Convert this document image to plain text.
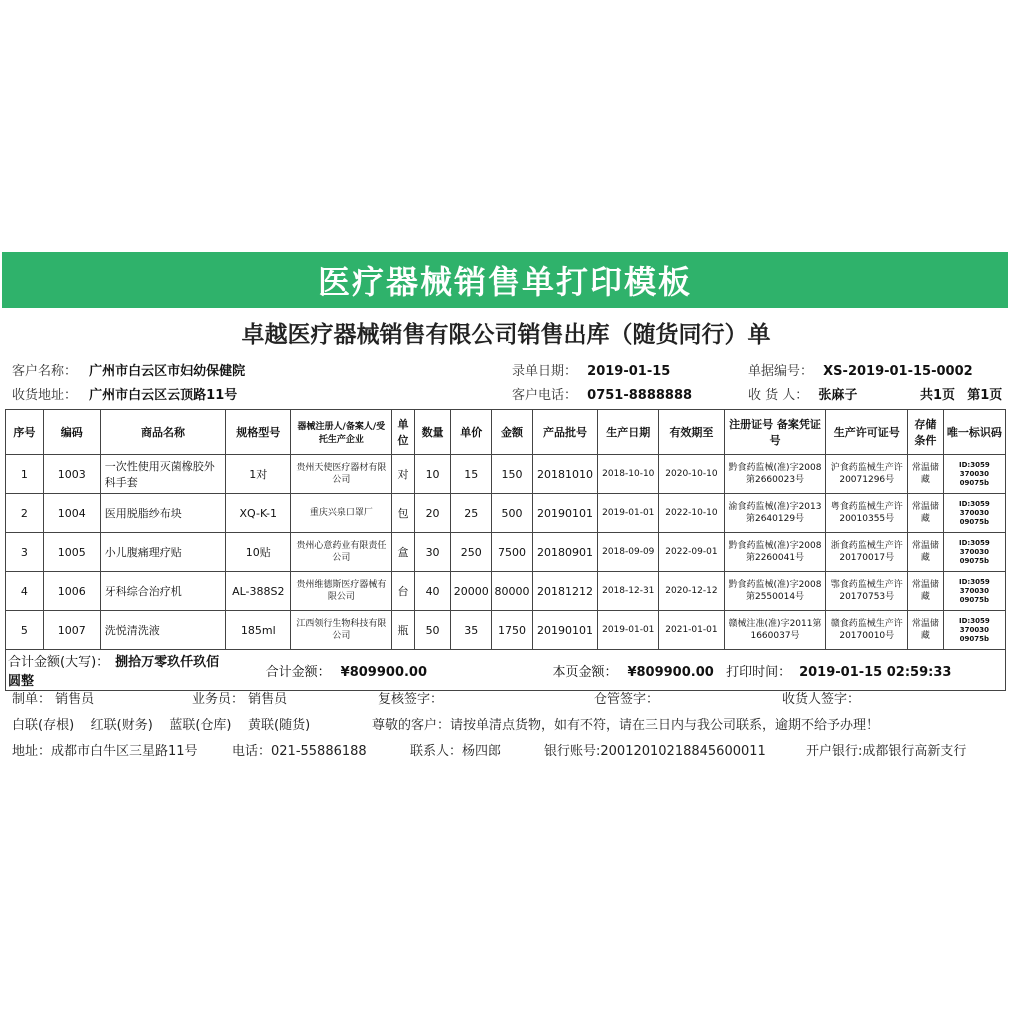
医疗器械销售单打印模板
卓越医疗器械销售有限公司销售出库（随货同行）单
客户名称： 广州市白云区市妇幼保健院	录单日期： 2019-01-15	单据编号： XS-2019-01-15-0002
收货地址： 广州市白云区云顶路11号	客户电话： 0751-8888888	收 货 人： 张麻子	共1页 第1页
序号	编码	商品名称	规格型号	器械注册人/备案人/受托生产企业	单位	数量	单价	金额	产品批号	生产日期	有效期至	注册证号 备案凭证号	生产许可证号	存储条件	唯一标识码
1	1003	一次性使用灭菌橡胶外科手套	1对	贵州天使医疗器材有限公司	对	10	15	150	20181010	2018-10-10	2020-10-10	黔食药监械(准)字2008第2660023号	沪食药监械生产许20071296号	常温储藏	ID:3059 370030 09075b
2	1004	医用脱脂纱布块	XQ-K-1	重庆兴泉口罩厂	包	20	25	500	20190101	2019-01-01	2022-10-10	渝食药监械(准)字2013第2640129号	粤食药监械生产许20010355号	常温储藏	ID:3059 370030 09075b
3	1005	小儿腹痛理疗贴	10贴	贵州心意药业有限责任公司	盒	30	250	7500	20180901	2018-09-09	2022-09-01	黔食药监械(准)字2008第2260041号	浙食药监械生产许20170017号	常温储藏	ID:3059 370030 09075b
4	1006	牙科综合治疗机	AL-388S2	贵州维德斯医疗器械有限公司	台	40	20000	80000	20181212	2018-12-31	2020-12-12	黔食药监械(准)字2008第2550014号	鄂食药监械生产许20170753号	常温储藏	ID:3059 370030 09075b
5	1007	洗悦清洗液	185ml	江西领行生物科技有限公司	瓶	50	35	1750	20190101	2019-01-01	2021-01-01	赣械注准(准)字2011第1660037号	赣食药监械生产许20170010号	常温储藏	ID:3059 370030 09075b
合计金额(大写)： 捌拾万零玖仟玖佰圆整			合计金额： ¥809900.00						本页金额： ¥809900.00			打印时间： 2019-01-15 02:59:33			
制单： 销售员	业务员： 销售员	复核签字：	仓管签字：	收货人签字：
白联(存根)    红联(财务)    蓝联(仓库)    黄联(随货)	尊敬的客户：请按单清点货物，如有不符，请在三日内与我公司联系，逾期不给予办理！
地址：成都市白牛区三星路11号	电话：021-55886188	联系人：杨四郎	银行账号:20012010218845600011	开户银行:成都银行高新支行
